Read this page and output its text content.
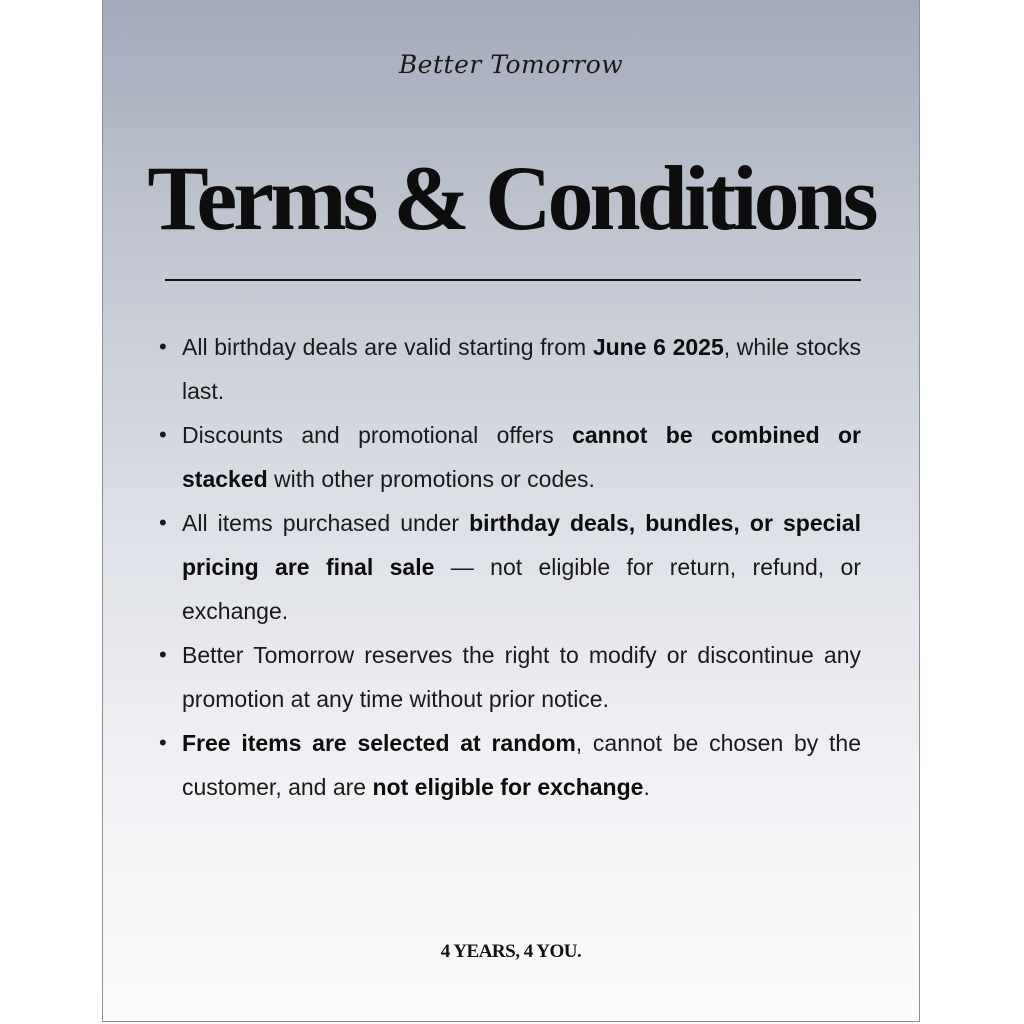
Better Tomorrow
Terms & Conditions
• All birthday deals are valid starting from June 6 2025, while stocks last.
• Discounts and promotional offers cannot be combined or stacked with other promotions or codes.
• All items purchased under birthday deals, bundles, or special pricing are final sale — not eligible for return, refund, or exchange.
• Better Tomorrow reserves the right to modify or discontinue any promotion at any time without prior notice.
• Free items are selected at random, cannot be chosen by the customer, and are not eligible for exchange.
4 YEARS, 4 YOU.
